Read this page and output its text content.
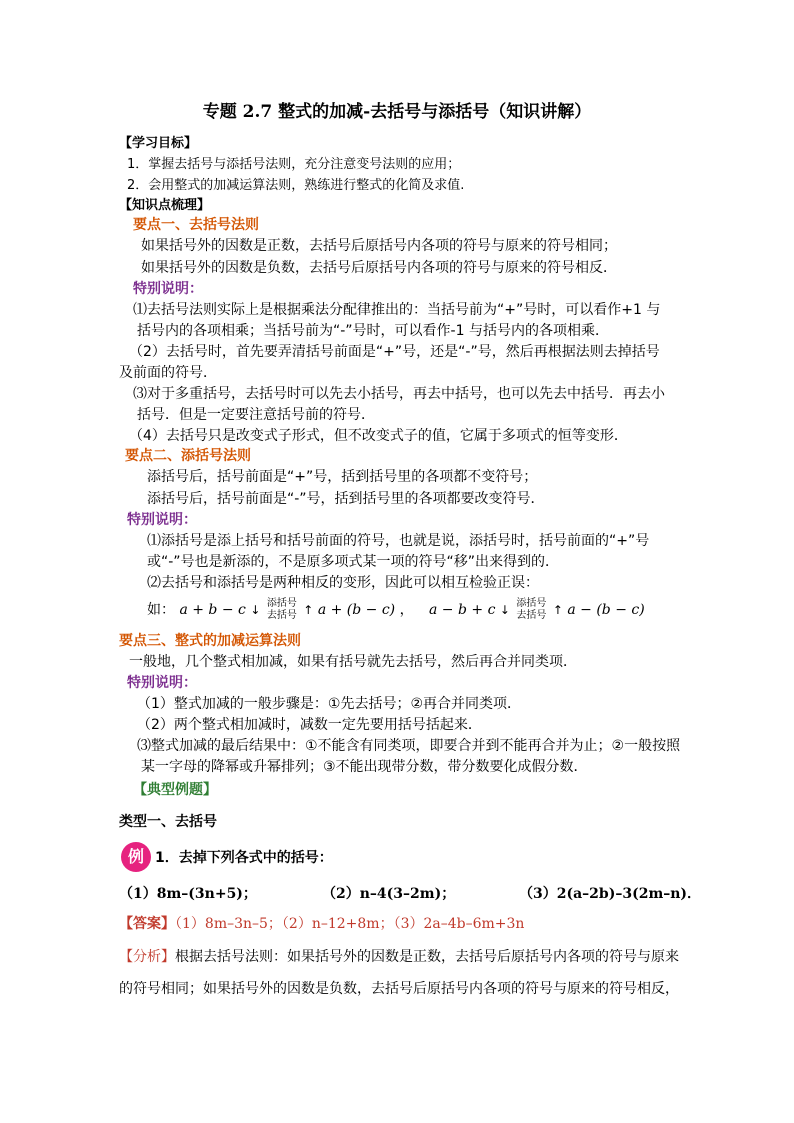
专题 2.7 整式的加减-去括号与添括号（知识讲解）
【学习目标】
1．掌握去括号与添括号法则，充分注意变号法则的应用；
2．会用整式的加减运算法则，熟练进行整式的化简及求值.
【知识点梳理】
要点一、去括号法则
如果括号外的因数是正数，去括号后原括号内各项的符号与原来的符号相同；
如果括号外的因数是负数，去括号后原括号内各项的符号与原来的符号相反．
特别说明：
⑴去括号法则实际上是根据乘法分配律推出的：当括号前为“+”号时，可以看作+1 与
括号内的各项相乘；当括号前为“-”号时，可以看作-1 与括号内的各项相乘．
（2）去括号时，首先要弄清括号前面是“+”号，还是“-”号，然后再根据法则去掉括号
及前面的符号．
⑶对于多重括号，去括号时可以先去小括号，再去中括号，也可以先去中括号．再去小
括号．但是一定要注意括号前的符号．
（4）去括号只是改变式子形式，但不改变式子的值，它属于多项式的恒等变形．
要点二、添括号法则
添括号后，括号前面是“+”号，括到括号里的各项都不变符号；
添括号后，括号前面是“-”号，括到括号里的各项都要改变符号．
特别说明：
⑴添括号是添上括号和括号前面的符号，也就是说，添括号时，括号前面的“+”号
或“-”号也是新添的，不是原多项式某一项的符号“移”出来得到的．
⑵去括号和添括号是两种相反的变形，因此可以相互检验正误：
如： a + b − c ↓ 添括号
去括号 ↑ a + (b − c) ， a − b + c ↓ 添括号
去括号 ↑ a − (b − c)
要点三、整式的加减运算法则
一般地，几个整式相加减，如果有括号就先去括号，然后再合并同类项．
特别说明：
（1）整式加减的一般步骤是：①先去括号；②再合并同类项．
（2）两个整式相加减时，减数一定先要用括号括起来．
⑶整式加减的最后结果中：①不能含有同类项，即要合并到不能再合并为止；②一般按照
某一字母的降幂或升幂排列；③不能出现带分数，带分数要化成假分数．
【典型例题】
类型一、去括号
例 1．去掉下列各式中的括号：
（1）8m–(3n+5)；	（2）n–4(3–2m)；	（3）2(a–2b)–3(2m–n)．
【答案】（1）8m–3n–5；（2）n–12+8m；（3）2a–4b–6m+3n
【分析】根据去括号法则：如果括号外的因数是正数，去括号后原括号内各项的符号与原来
的符号相同；如果括号外的因数是负数，去括号后原括号内各项的符号与原来的符号相反，
